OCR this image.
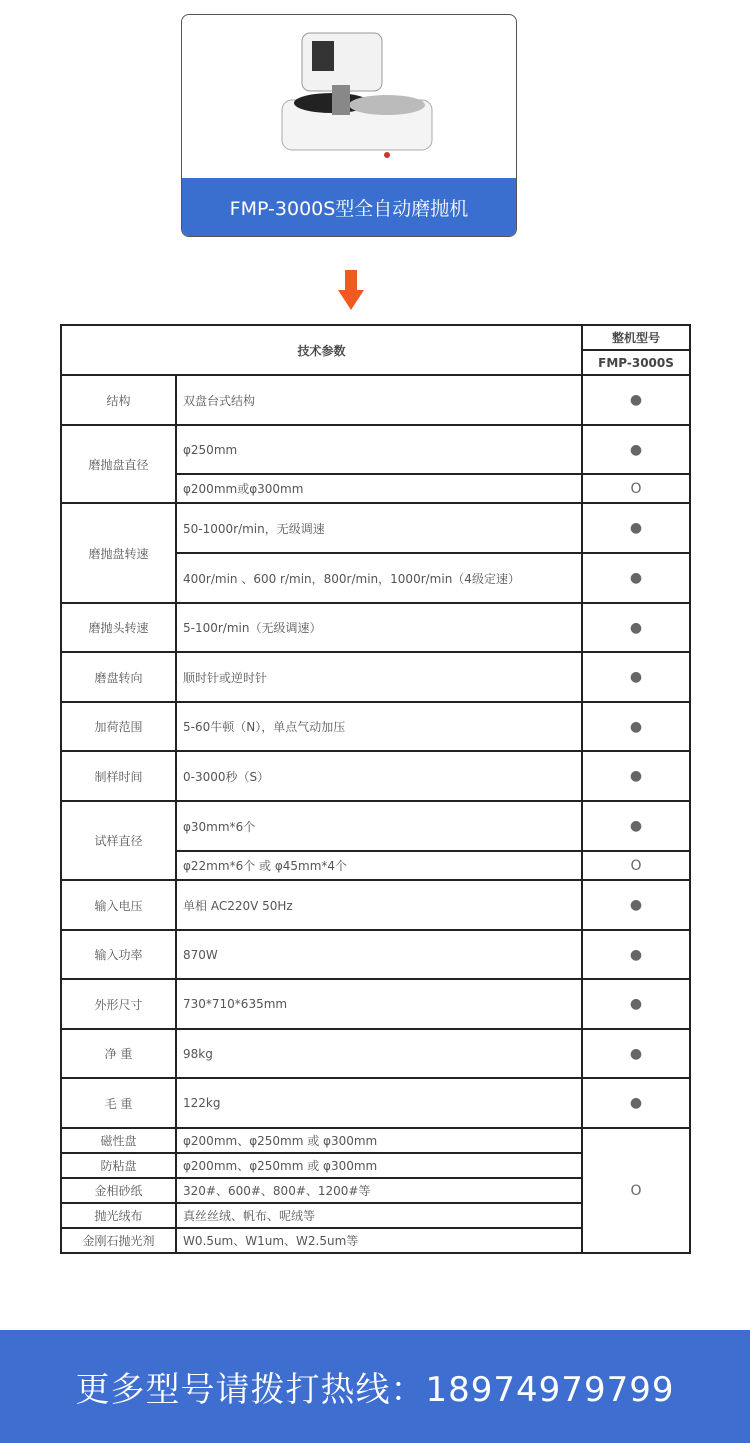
FMP-3000S型全自动磨抛机
技术参数		整机型号
		FMP-3000S
结构	双盘台式结构	●
磨抛盘直径	φ250mm	●
	φ200mm或φ300mm	O
磨抛盘转速	50-1000r/min，无级调速	●
	400r/min 、600 r/min，800r/min，1000r/min（4级定速）	●
磨抛头转速	5-100r/min（无级调速）	●
磨盘转向	顺时针或逆时针	●
加荷范围	5-60牛顿（N），单点气动加压	●
制样时间	0-3000秒（S）	●
试样直径	φ30mm*6个	●
	φ22mm*6个 或 φ45mm*4个	O
输入电压	单相 AC220V 50Hz	●
输入功率	870W	●
外形尺寸	730*710*635mm	●
净 重	98kg	●
毛 重	122kg	●
磁性盘	φ200mm、φ250mm 或 φ300mm	O
防粘盘	φ200mm、φ250mm 或 φ300mm	
金相砂纸	320#、600#、800#、1200#等	
抛光绒布	真丝丝绒、帆布、呢绒等	
金刚石抛光剂	W0.5um、W1um、W2.5um等	
更多型号请拨打热线：18974979799
